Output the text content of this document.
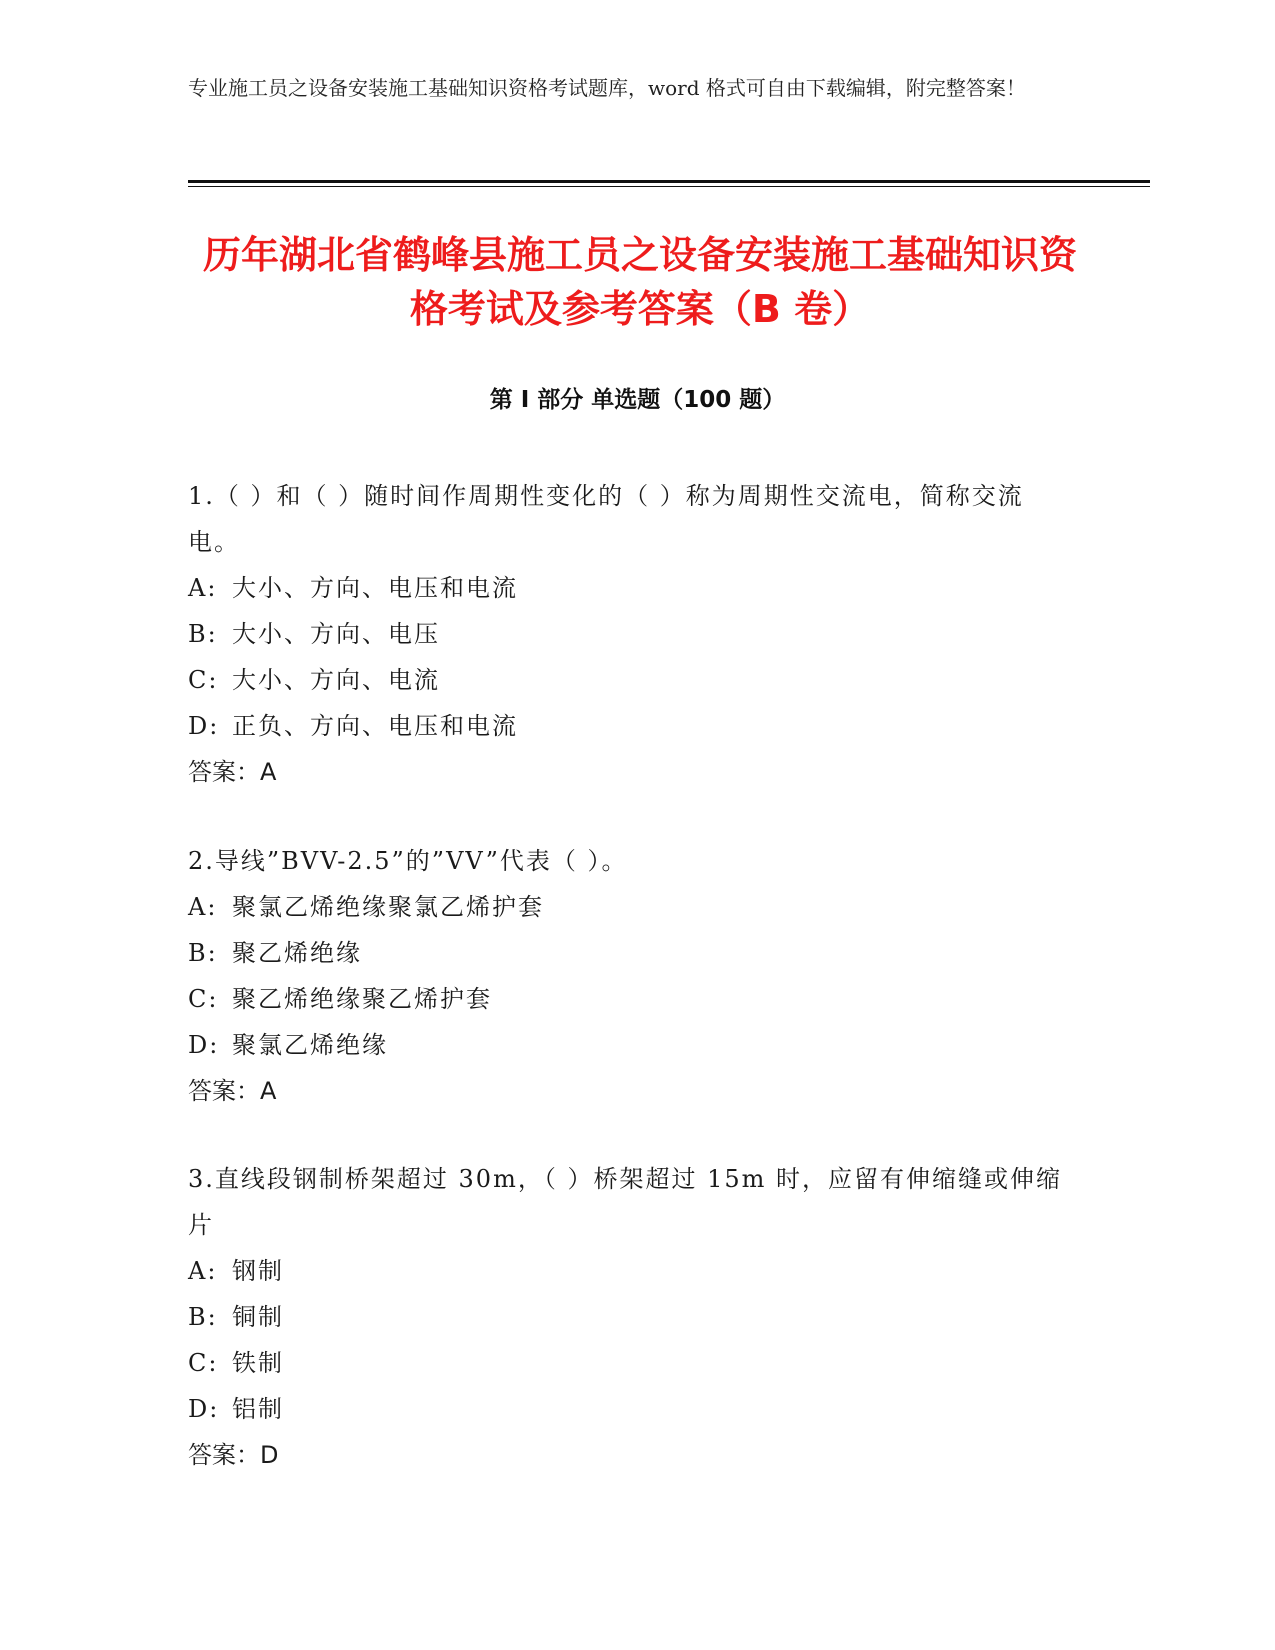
专业施工员之设备安装施工基础知识资格考试题库，word 格式可自由下载编辑，附完整答案！
历年湖北省鹤峰县施工员之设备安装施工基础知识资格考试及参考答案（B 卷）
第 I 部分 单选题（100 题）
1.（ ）和（ ）随时间作周期性变化的（ ）称为周期性交流电，简称交流电。
A: 大小、方向、电压和电流
B: 大小、方向、电压
C: 大小、方向、电流
D: 正负、方向、电压和电流
答案：A
2.导线”BVV-2.5”的”VV”代表（ ）。
A: 聚氯乙烯绝缘聚氯乙烯护套
B: 聚乙烯绝缘
C: 聚乙烯绝缘聚乙烯护套
D: 聚氯乙烯绝缘
答案：A
3.直线段钢制桥架超过 30m，（ ）桥架超过 15m 时，应留有伸缩缝或伸缩片
A: 钢制
B: 铜制
C: 铁制
D: 铝制
答案：D
